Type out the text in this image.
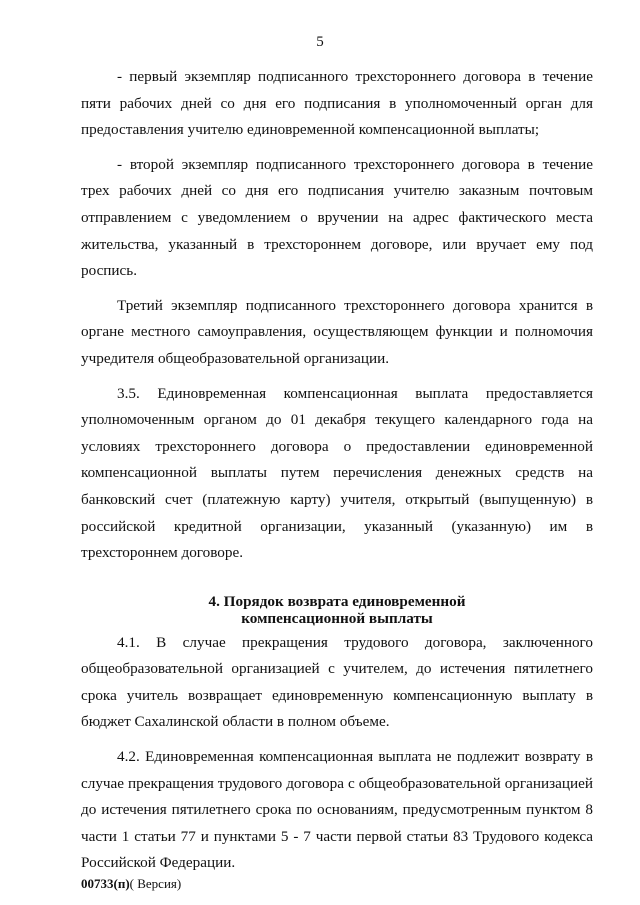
5

- первый экземпляр подписанного трехстороннего договора в течение пяти рабочих дней со дня его подписания в уполномоченный орган для предоставления учителю единовременной компенсационной выплаты;

- второй экземпляр подписанного трехстороннего договора в течение трех рабочих дней со дня его подписания учителю заказным почтовым отправлением с уведомлением о вручении на адрес фактического места жительства, указанный в трехстороннем договоре, или вручает ему под роспись.

Третий экземпляр подписанного трехстороннего договора хранится в органе местного самоуправления, осуществляющем функции и полномочия учредителя общеобразовательной организации.

3.5. Единовременная компенсационная выплата предоставляется уполномоченным органом до 01 декабря текущего календарного года на условиях трехстороннего договора о предоставлении единовременной компенсационной выплаты путем перечисления денежных средств на банковский счет (платежную карту) учителя, открытый (выпущенную) в российской кредитной организации, указанный (указанную) им в трехстороннем договоре.

4. Порядок возврата единовременной
компенсационной выплаты

4.1. В случае прекращения трудового договора, заключенного общеобразовательной организацией с учителем, до истечения пятилетнего срока учитель возвращает единовременную компенсационную выплату в бюджет Сахалинской области в полном объеме.

4.2. Единовременная компенсационная выплата не подлежит возврату в случае прекращения трудового договора с общеобразовательной организацией до истечения пятилетнего срока по основаниям, предусмотренным пунктом 8 части 1 статьи 77 и пунктами 5 - 7 части первой статьи 83 Трудового кодекса Российской Федерации.

00733(п)( Версия)
